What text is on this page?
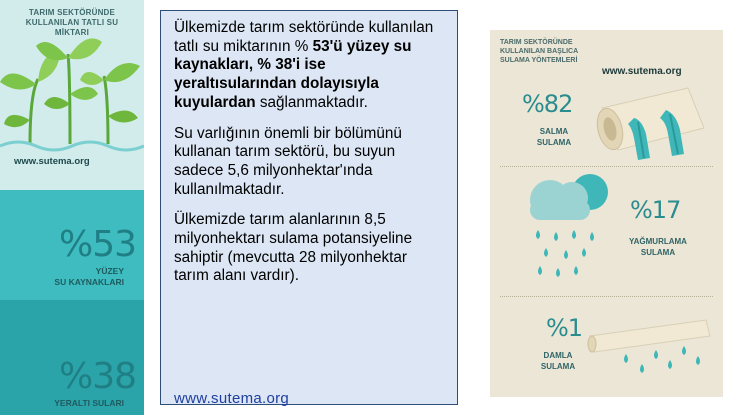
TARIM SEKTÖRÜNDE
KULLANILAN TATLI SU
MİKTARI
www.sutema.org
%53
YÜZEY
SU KAYNAKLARI
%38
YERALTI SULARI

Ülkemizde tarım sektöründe kullanılan tatlı su miktarının % 53'ü yüzey su kaynakları, % 38'i ise yeraltısularından dolayısıyla kuyulardan sağlanmaktadır.

Su varlığının önemli bir bölümünü kullanan tarım sektörü, bu suyun sadece 5,6 milyonhektar'ında kullanılmaktadır.

Ülkemizde tarım alanlarının 8,5 milyonhektarı sulama potansiyeline sahiptir (mevcutta 28 milyonhektar tarım alanı vardır).

www.sutema.org
TARIM SEKTÖRÜNDE
KULLANILAN BAŞLICA
SULAMA YÖNTEMLERİ
www.sutema.org
%82
SALMA
SULAMA
%17
YAĞMURLAMA
SULAMA
%1
DAMLA
SULAMA
